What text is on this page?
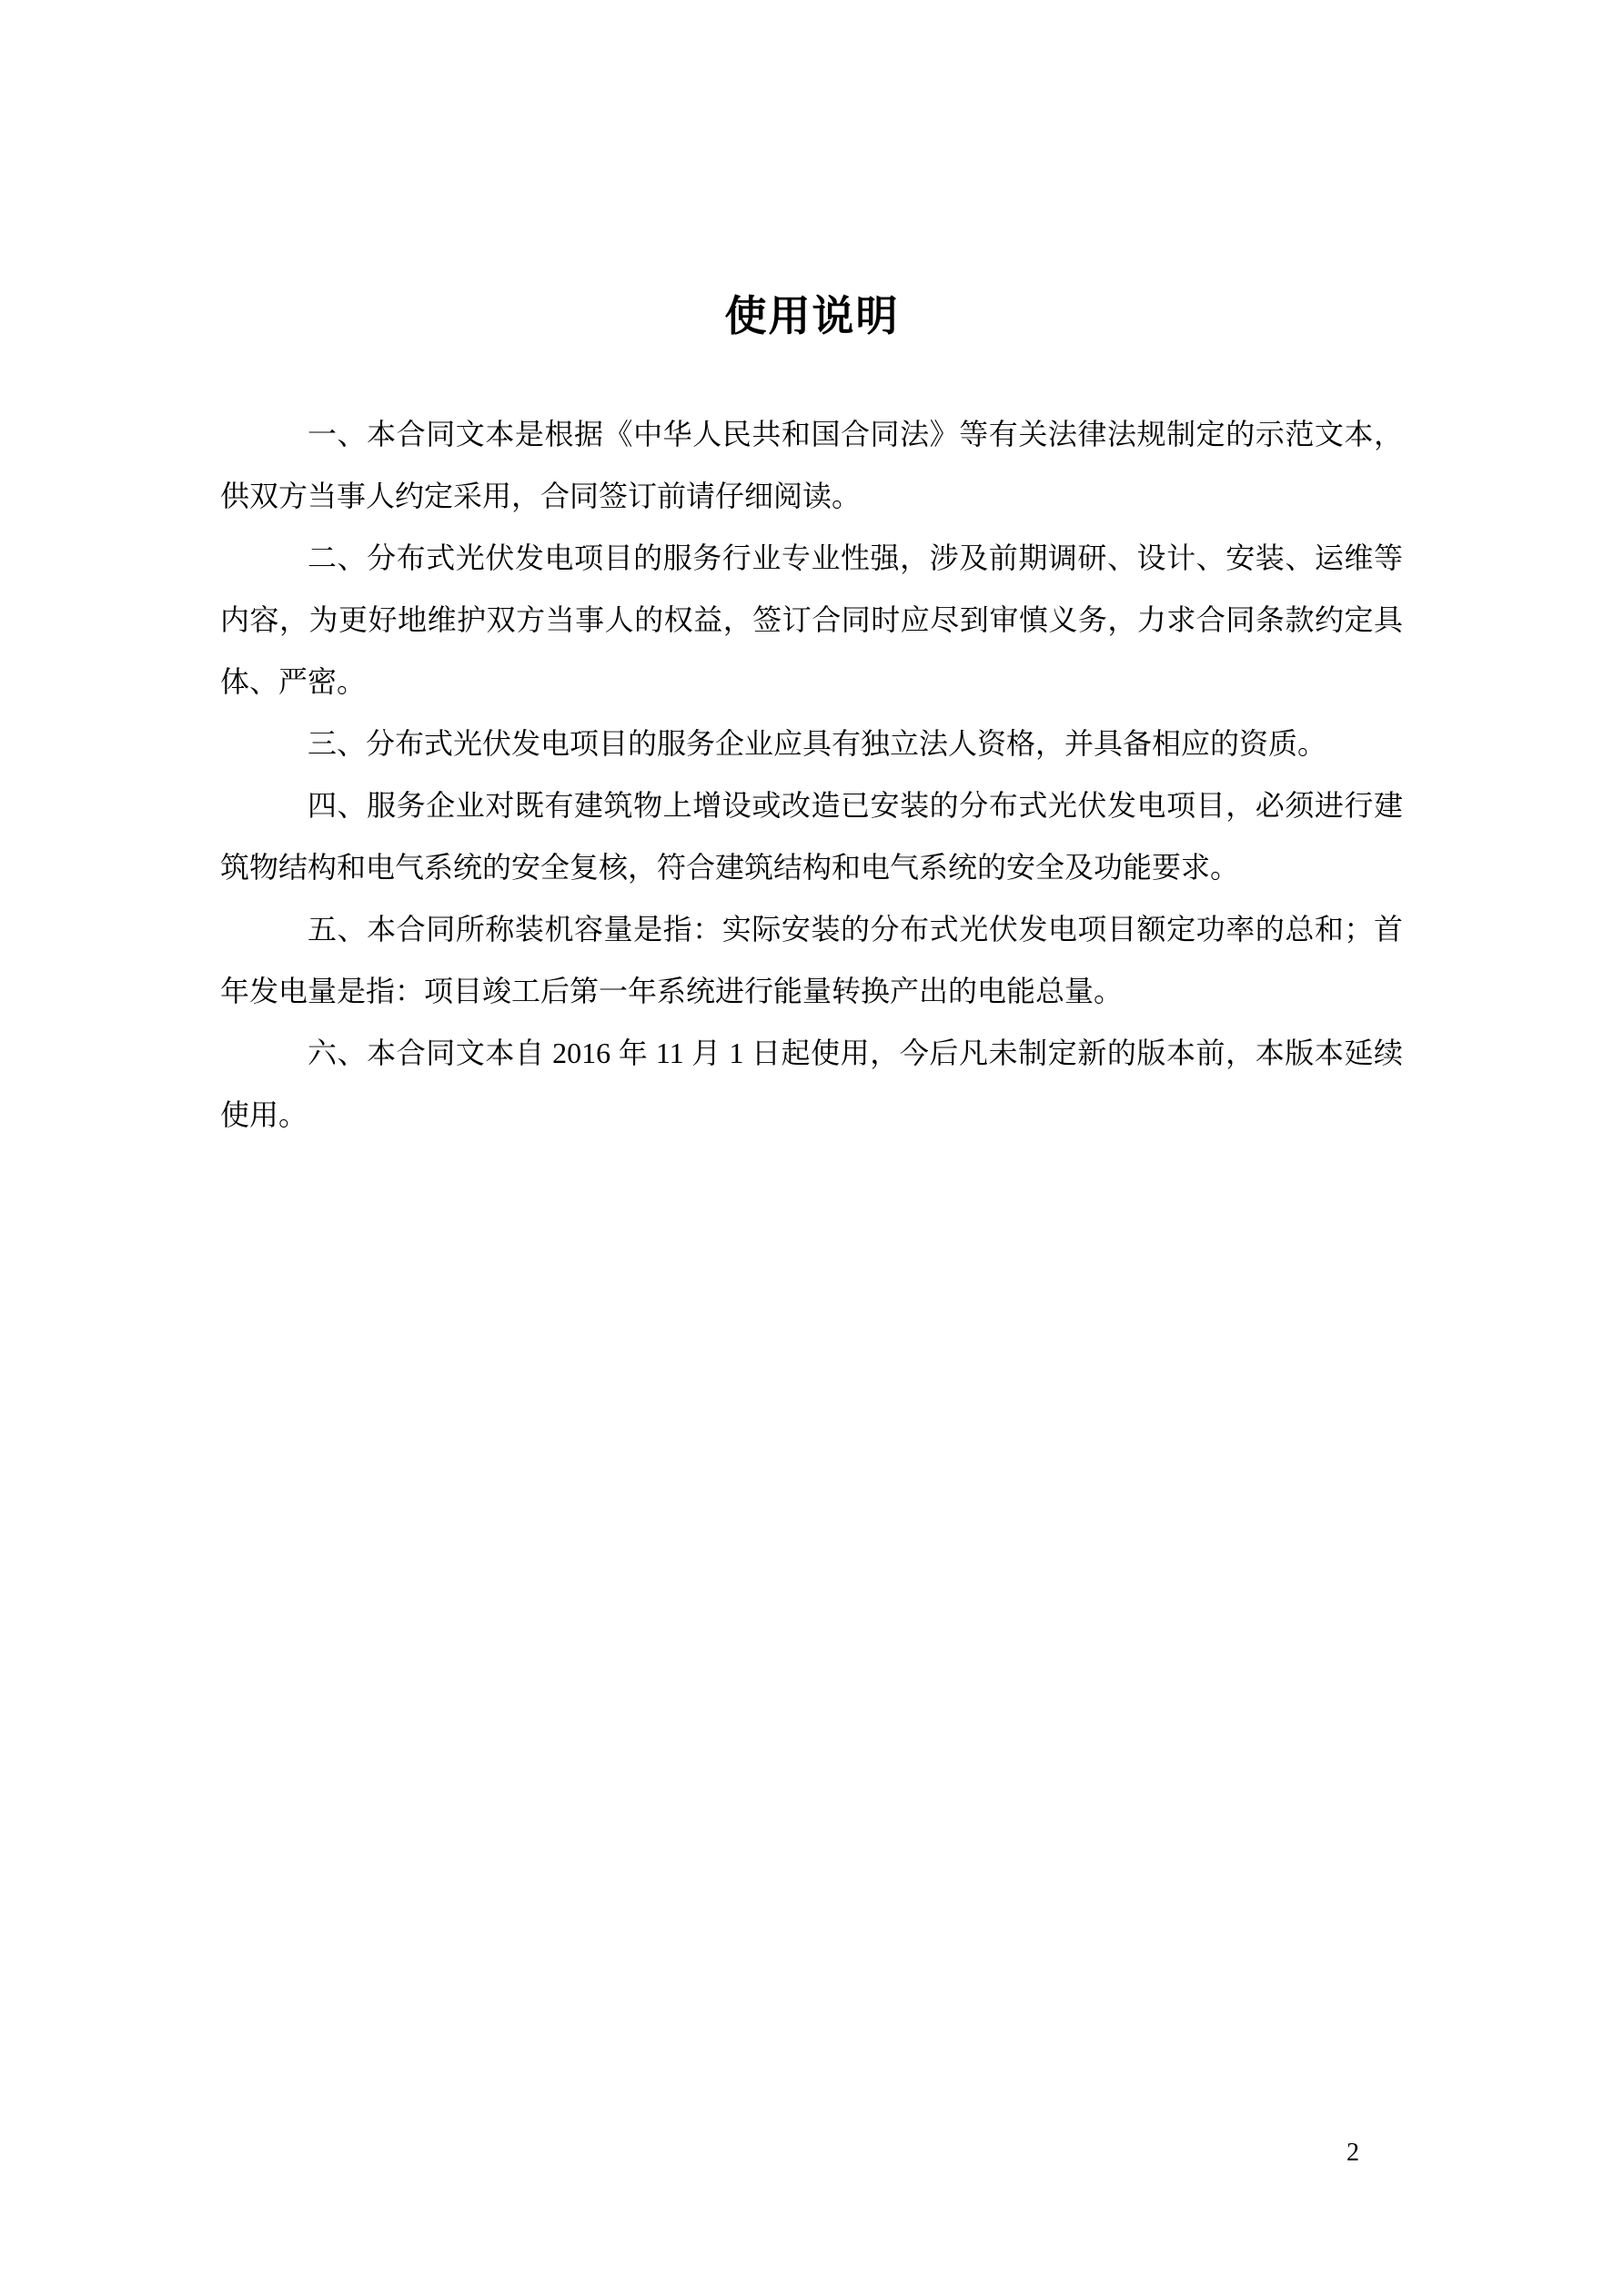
使用说明

一、本合同文本是根据《中华人民共和国合同法》等有关法律法规制定的示范文本，供双方当事人约定采用，合同签订前请仔细阅读。

二、分布式光伏发电项目的服务行业专业性强，涉及前期调研、设计、安装、运维等内容，为更好地维护双方当事人的权益，签订合同时应尽到审慎义务，力求合同条款约定具体、严密。

三、分布式光伏发电项目的服务企业应具有独立法人资格，并具备相应的资质。

四、服务企业对既有建筑物上增设或改造已安装的分布式光伏发电项目，必须进行建筑物结构和电气系统的安全复核，符合建筑结构和电气系统的安全及功能要求。

五、本合同所称装机容量是指：实际安装的分布式光伏发电项目额定功率的总和；首年发电量是指：项目竣工后第一年系统进行能量转换产出的电能总量。

六、本合同文本自 2016 年 11 月 1 日起使用，今后凡未制定新的版本前，本版本延续使用。

2
